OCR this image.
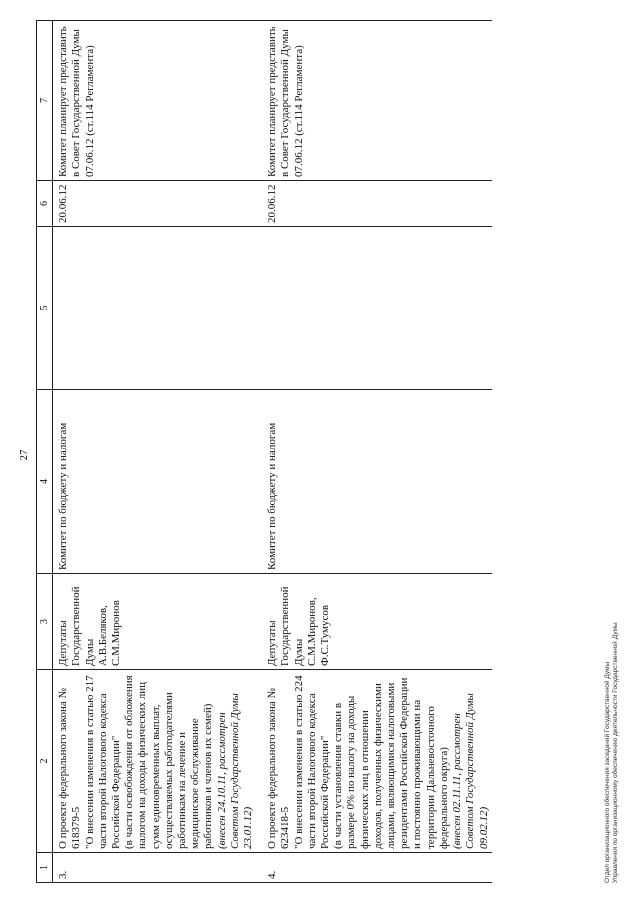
27
1	2	3	4	5	6	7
3.	О проекте федерального закона № 618379-5 "О внесении изменения в статью 217 части второй Налогового кодекса Российской Федерации" (в части освобождения от обложения налогом на доходы физических лиц сумм единовременных выплат, осуществляемых работодателями работникам на лечение и медицинское обслуживание работников и членов их семей) (внесен 24.10.11, рассмотрен Советом Государственной Думы 23.01.12)	Депутаты Государственной Думы А.В.Беляков, С.М.Миронов	Комитет по бюджету и налогам		20.06.12	Комитет планирует представить в Совет Государственной Думы 07.06.12 (ст.114 Регламента)
4.	О проекте федерального закона № 623418-5 "О внесении изменения в статью 224 части второй Налогового кодекса Российской Федерации" (в части установления ставки в размере 0% по налогу на доходы физических лиц в отношении доходов, полученных физическими лицами, являющимися налоговыми резидентами Российской Федерации и постоянно проживающими на территории Дальневосточного федерального округа) (внесен 02.11.11, рассмотрен Советом Государственной Думы 09.02.12)	Депутаты Государственной Думы С.М.Миронов, Ф.С.Тумусов	Комитет по бюджету и налогам		20.06.12	Комитет планирует представить в Совет Государственной Думы 07.06.12 (ст.114 Регламента)
Отдел организационного обеспечения заседаний Государственной Думы Управления по организационному обеспечению деятельности Государственной Думы
